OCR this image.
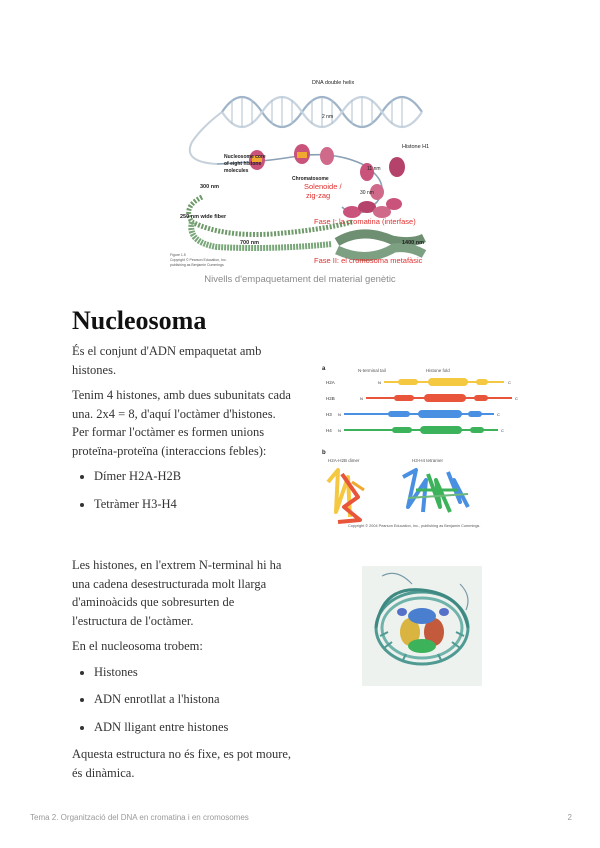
DNA double helix
2 nm
Histone H1
Nucleosome core
of eight histone
molecules	11 nm
Chromatosome
300 nm	Solenoide /
zig-zag	30 nm
Fase I: la cromatina (interfase)
250 nm wide fiber
700 nm	1400 nm
Fase II: el cromosoma metafàsic
Figure 1.5
Copyright © Pearson Education, Inc.
publishing as Benjamin Cummings
Nivells d'empaquetament del material genètic
Nucleosoma

És el conjunt d'ADN empaquetat amb histones.

Tenim 4 histones, amb dues subunitats cada una. 2x4 = 8, d'aquí l'octàmer d'histones. Per formar l'octàmer es formen unions proteïna-proteïna (interaccions febles):

• Dímer H2A-H2B
• Tetràmer H3-H4
a	N-terminal tail	Histone fold
H2A	N	C
H2B	N	C
H3 N	C
H4 N	C
b
H2A-H2B dimer	H3-H4 tetramer
Copyright © 2004 Pearson Education, Inc., publishing as Benjamin Cummings.

Les histones, en l'extrem N-terminal hi ha una cadena desestructurada molt llarga d'aminoàcids que sobresurten de l'estructura de l'octàmer.

En el nucleosoma trobem:

• Histones
• ADN enrotllat a l'histona
• ADN lligant entre histones

Aquesta estructura no és fixe, es pot moure, és dinàmica.

Tema 2. Organització del DNA en cromatina i en cromosomes	2
